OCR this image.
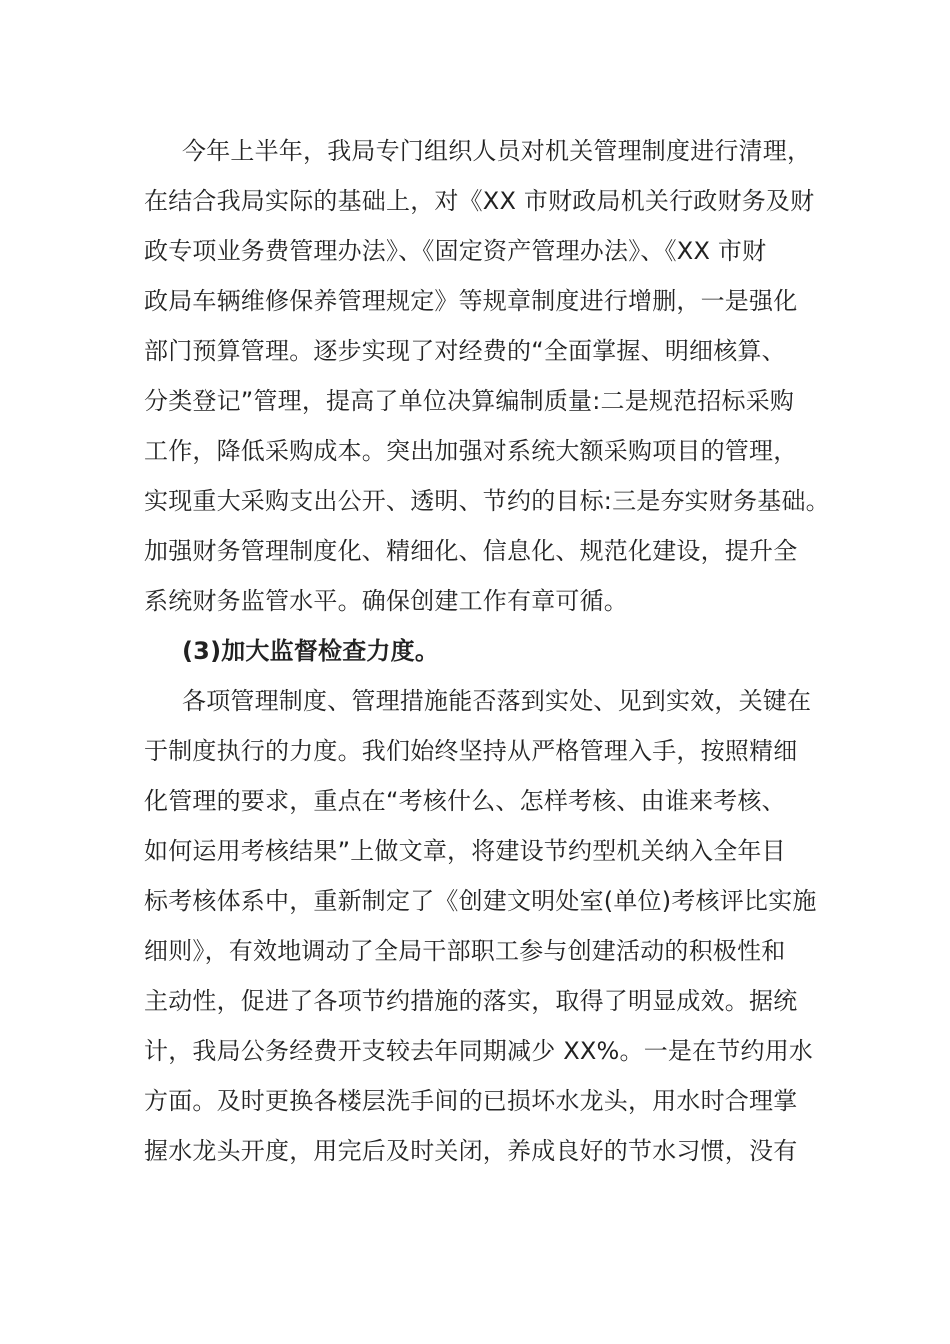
今年上半年，我局专门组织人员对机关管理制度进行清理，
在结合我局实际的基础上，对《XX 市财政局机关行政财务及财
政专项业务费管理办法》、《固定资产管理办法》、《XX 市财
政局车辆维修保养管理规定》等规章制度进行增删，一是强化
部门预算管理。逐步实现了对经费的“全面掌握、明细核算、
分类登记”管理，提高了单位决算编制质量:二是规范招标采购
工作，降低采购成本。突出加强对系统大额采购项目的管理，
实现重大采购支出公开、透明、节约的目标:三是夯实财务基础。
加强财务管理制度化、精细化、信息化、规范化建设，提升全
系统财务监管水平。确保创建工作有章可循。
(3)加大监督检查力度。
各项管理制度、管理措施能否落到实处、见到实效，关键在
于制度执行的力度。我们始终坚持从严格管理入手，按照精细
化管理的要求，重点在“考核什么、怎样考核、由谁来考核、
如何运用考核结果”上做文章，将建设节约型机关纳入全年目
标考核体系中，重新制定了《创建文明处室(单位)考核评比实施
细则》，有效地调动了全局干部职工参与创建活动的积极性和
主动性，促进了各项节约措施的落实，取得了明显成效。据统
计，我局公务经费开支较去年同期减少 XX%。一是在节约用水
方面。及时更换各楼层洗手间的已损坏水龙头，用水时合理掌
握水龙头开度，用完后及时关闭，养成良好的节水习惯，没有
